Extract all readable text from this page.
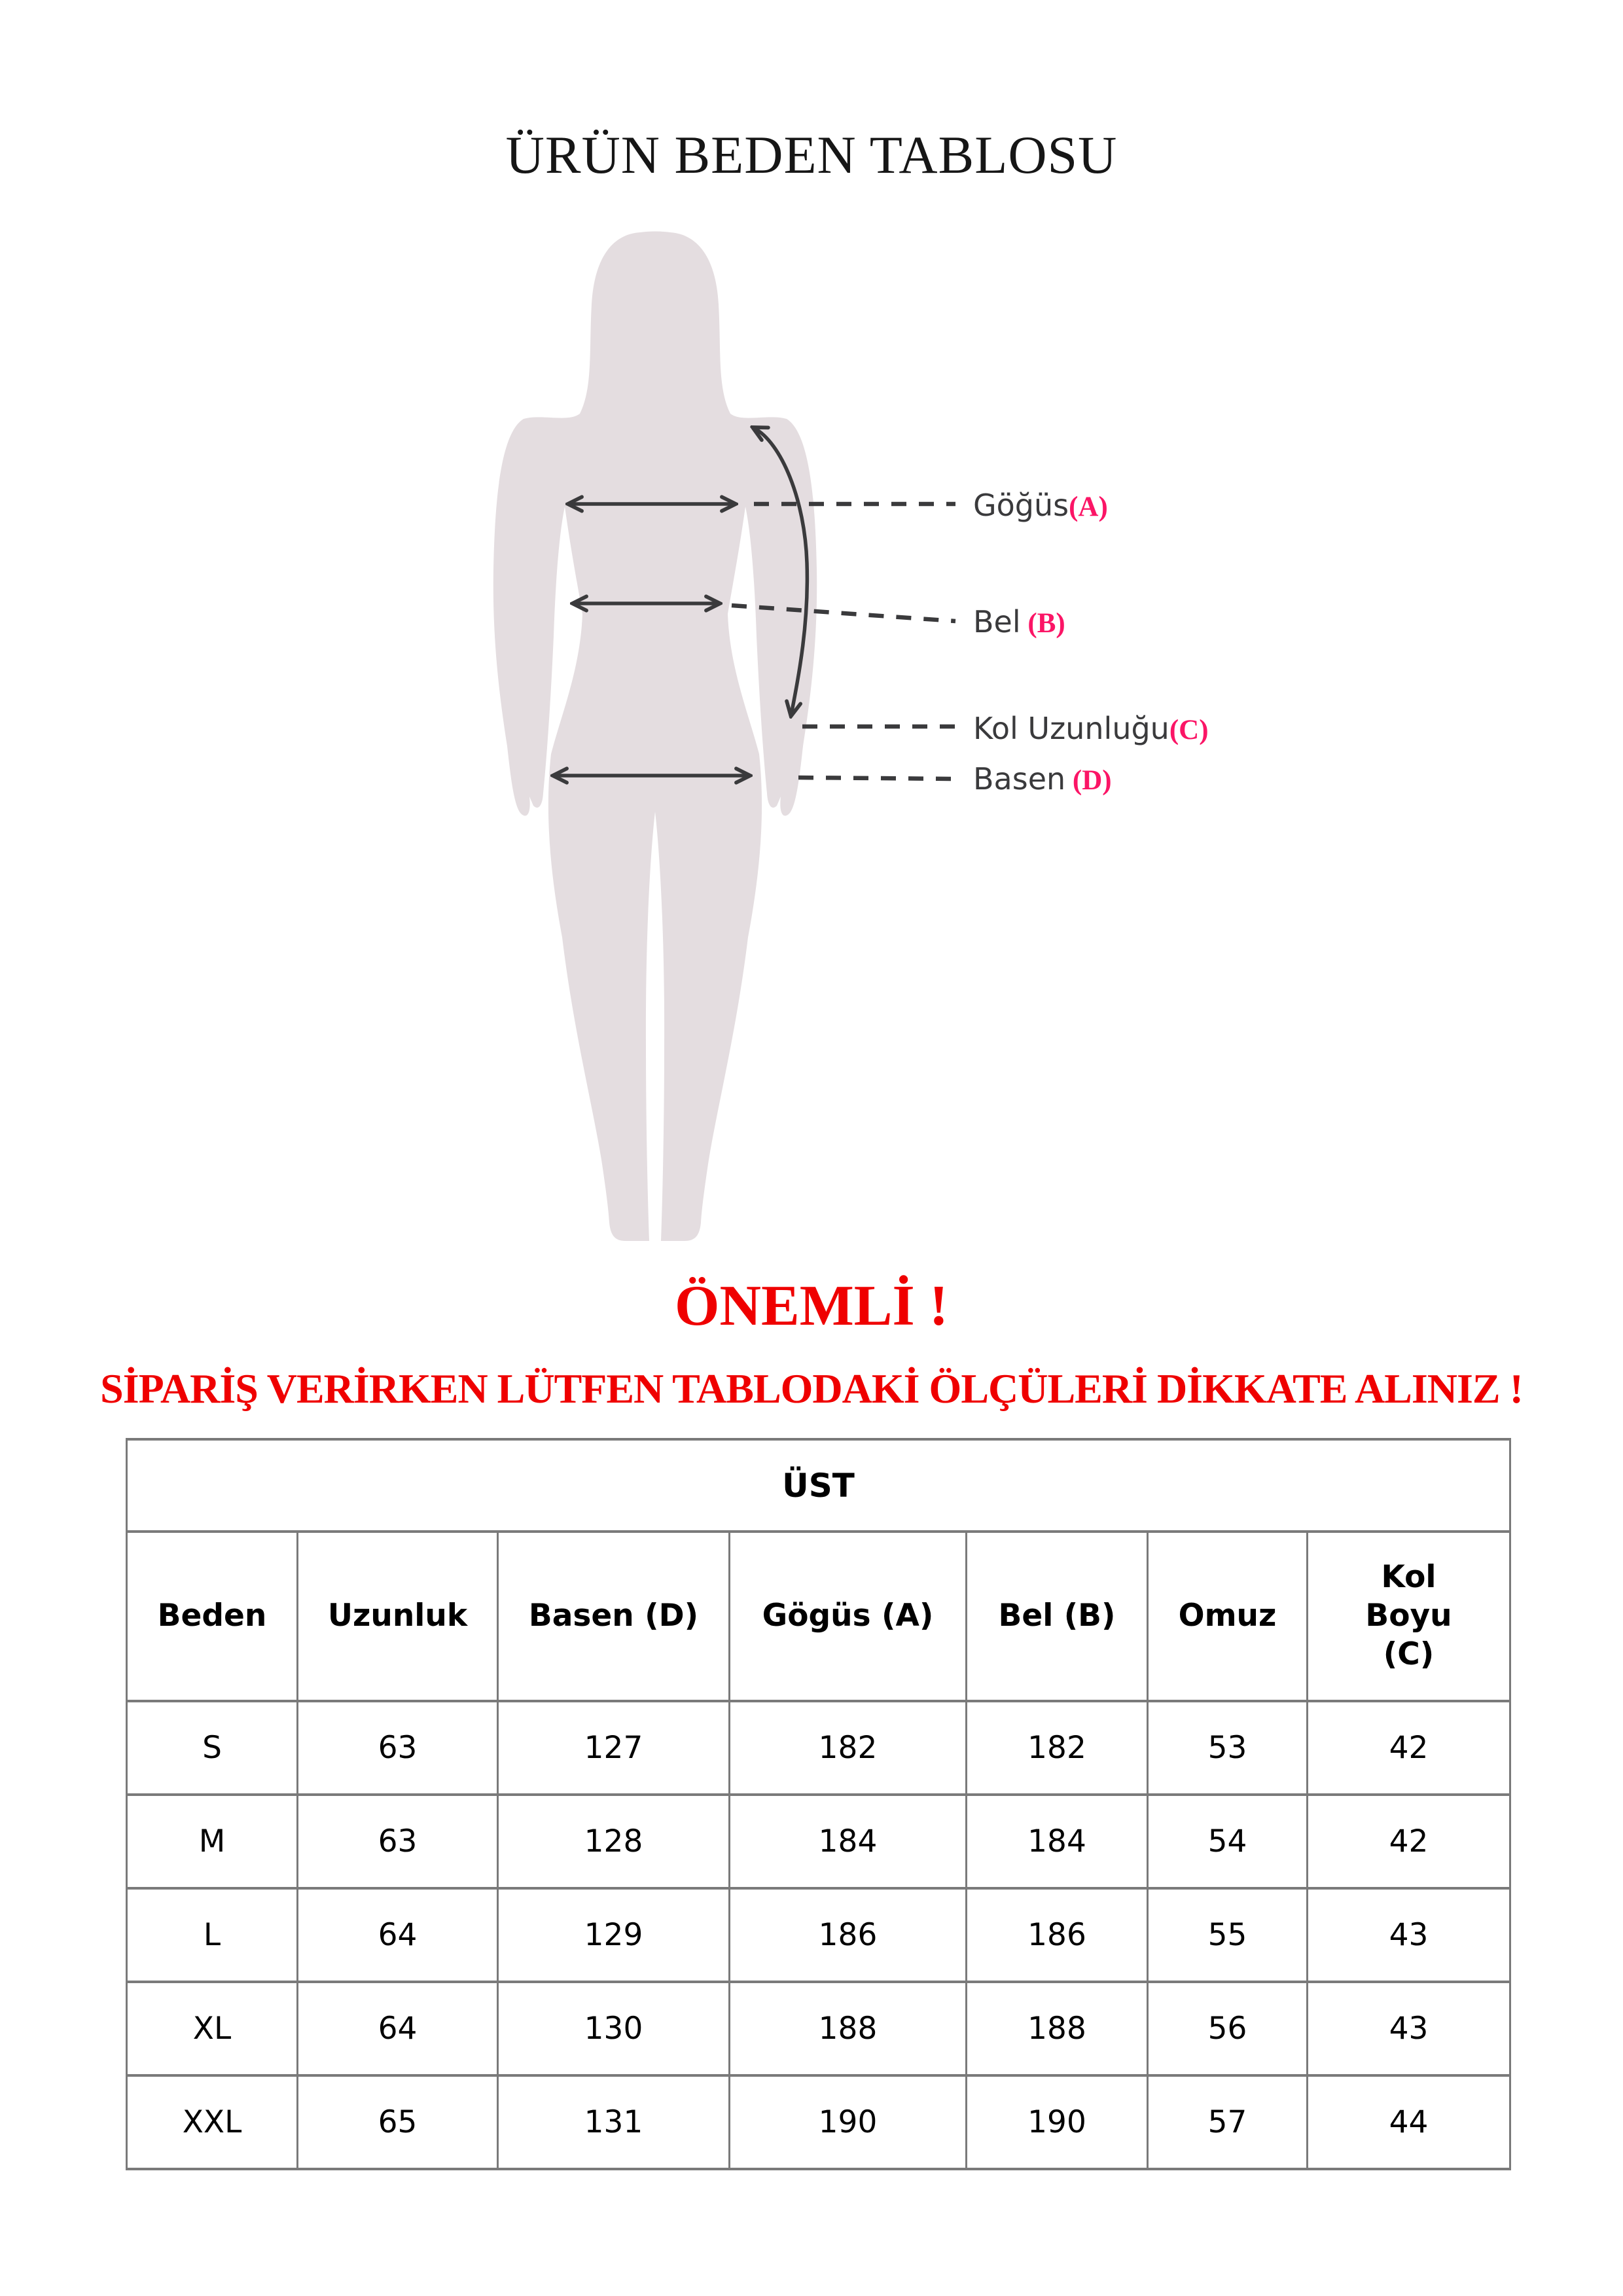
ÜRÜN BEDEN TABLOSU
Göğüs (A)
Bel (B)
Kol Uzunluğu (C)
Basen (D)
ÖNEMLİ !
SİPARİŞ VERİRKEN LÜTFEN TABLODAKİ ÖLÇÜLERİ DİKKATE ALINIZ !
ÜST						
Beden	Uzunluk	Basen (D)	Gögüs (A)	Bel (B)	Omuz	Kol Boyu (C)

S	63	127	182	182	53	42
M	63	128	184	184	54	42
L	64	129	186	186	55	43
XL	64	130	188	188	56	43
XXL	65	131	190	190	57	44
